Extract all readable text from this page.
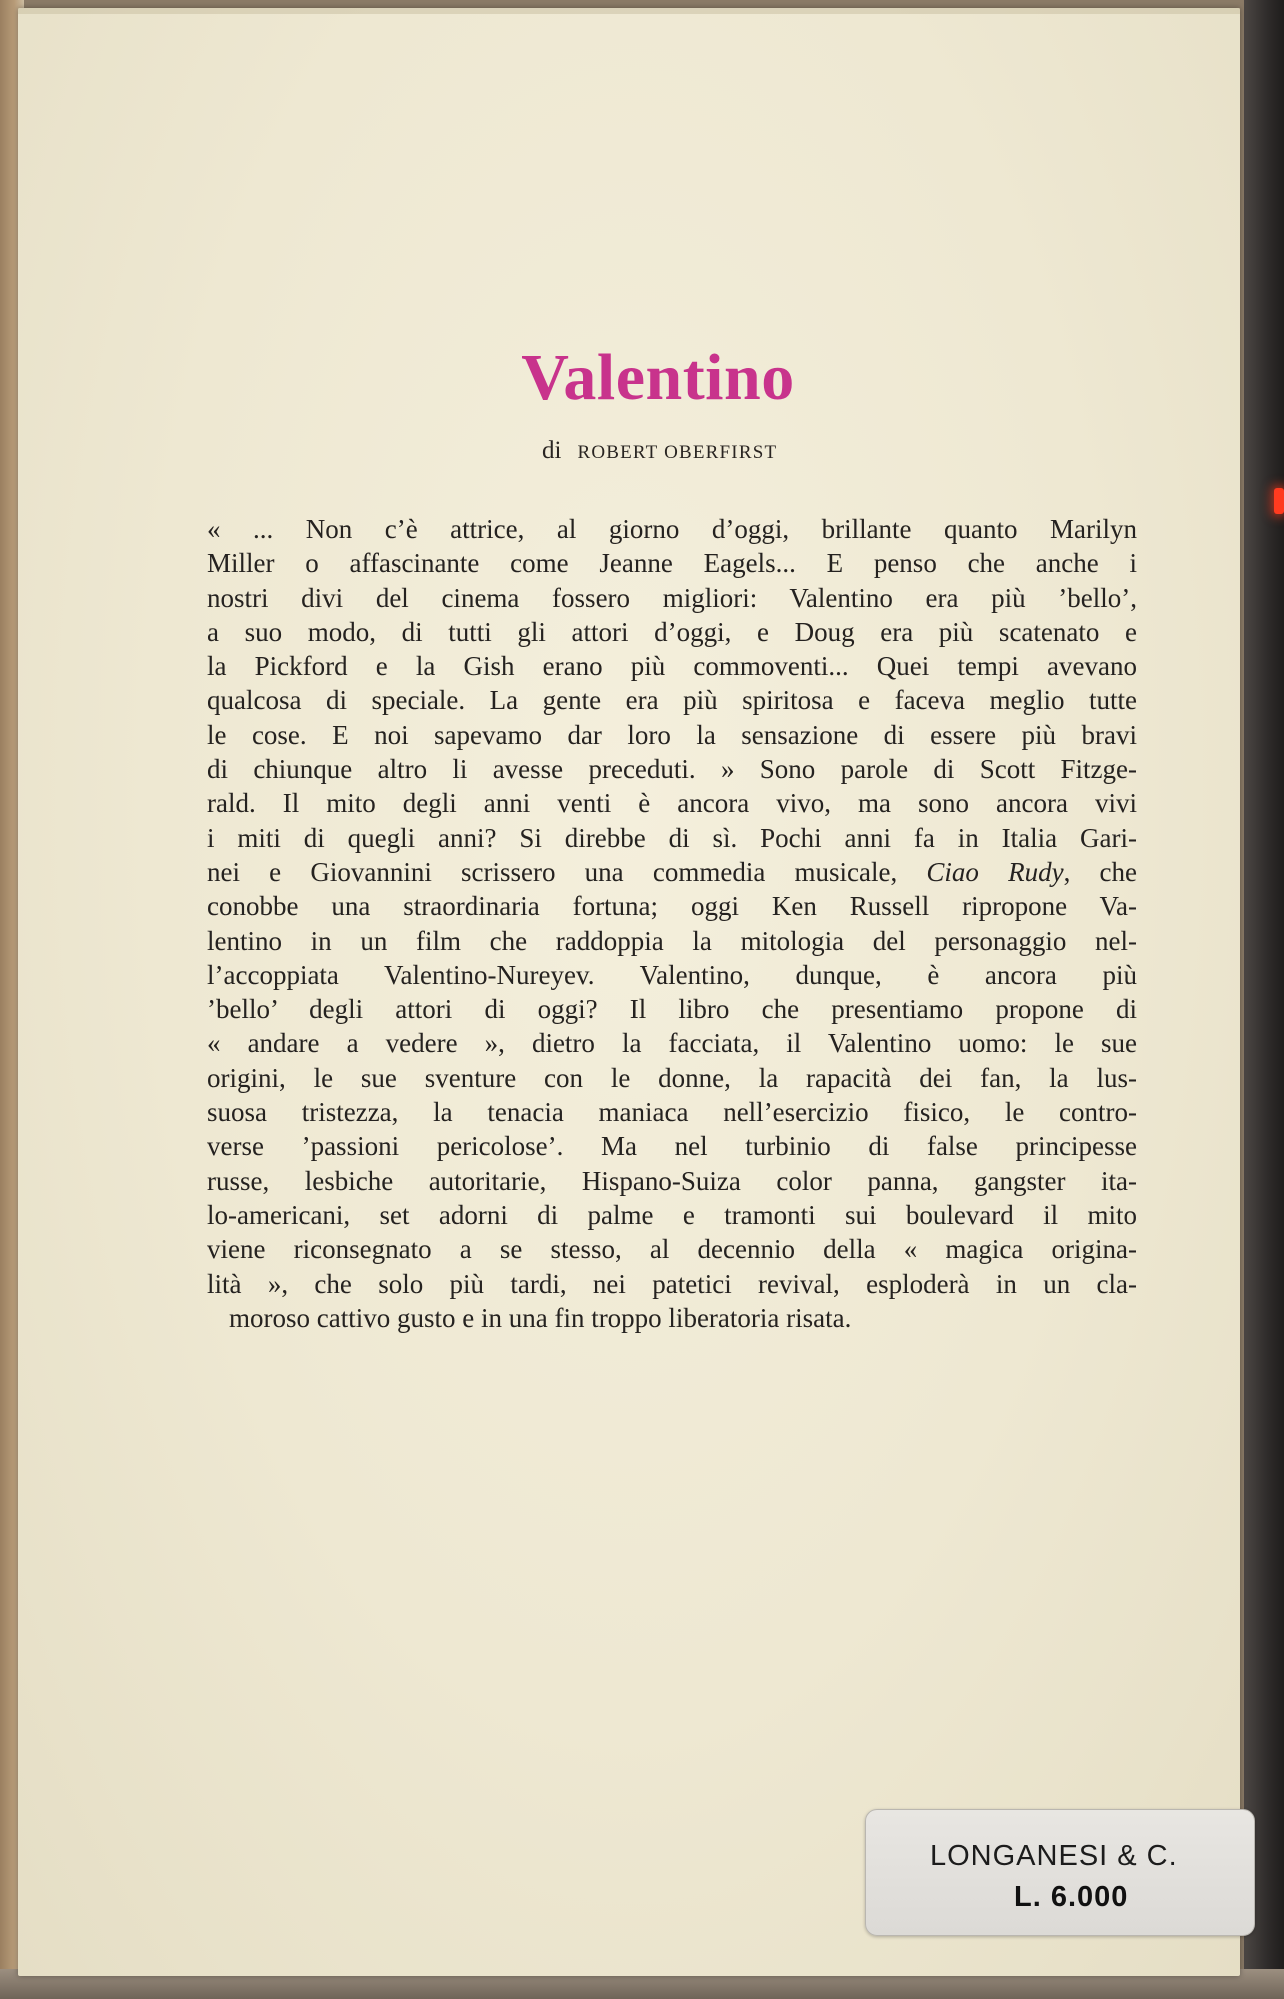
Valentino
di ROBERT OBERFIRST
« ... Non c’è attrice, al giorno d’oggi, brillante quanto Marilyn
Miller o affascinante come Jeanne Eagels... E penso che anche i
nostri divi del cinema fossero migliori: Valentino era più ’bello’,
a suo modo, di tutti gli attori d’oggi, e Doug era più scatenato e
la Pickford e la Gish erano più commoventi... Quei tempi avevano
qualcosa di speciale. La gente era più spiritosa e faceva meglio tutte
le cose. E noi sapevamo dar loro la sensazione di essere più bravi
di chiunque altro li avesse preceduti. » Sono parole di Scott Fitzge-
rald. Il mito degli anni venti è ancora vivo, ma sono ancora vivi
i miti di quegli anni? Si direbbe di sì. Pochi anni fa in Italia Gari-
nei e Giovannini scrissero una commedia musicale, Ciao Rudy, che
conobbe una straordinaria fortuna; oggi Ken Russell ripropone Va-
lentino in un film che raddoppia la mitologia del personaggio nel-
l’accoppiata Valentino-Nureyev. Valentino, dunque, è ancora più
’bello’ degli attori di oggi? Il libro che presentiamo propone di
« andare a vedere », dietro la facciata, il Valentino uomo: le sue
origini, le sue sventure con le donne, la rapacità dei fan, la lus-
suosa tristezza, la tenacia maniaca nell’esercizio fisico, le contro-
verse ’passioni pericolose’. Ma nel turbinio di false principesse
russe, lesbiche autoritarie, Hispano-Suiza color panna, gangster ita-
lo-americani, set adorni di palme e tramonti sui boulevard il mito
viene riconsegnato a se stesso, al decennio della « magica origina-
lità », che solo più tardi, nei patetici revival, esploderà in un cla-
moroso cattivo gusto e in una fin troppo liberatoria risata.
LONGANESI & C.
L. 6.000
